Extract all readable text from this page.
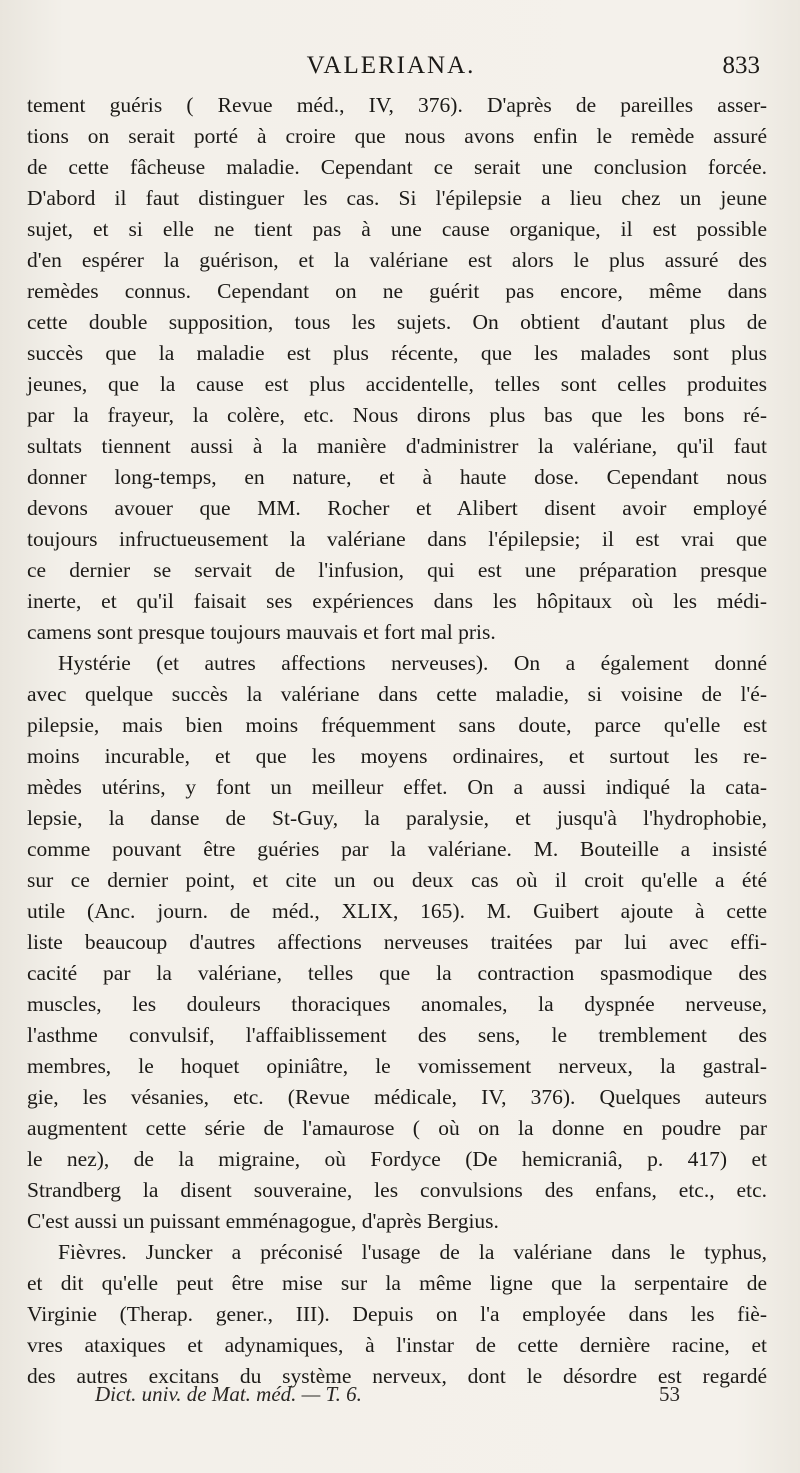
VALERIANA.	833
tement guéris ( Revue méd., IV, 376). D'après de pareilles asser-
tions on serait porté à croire que nous avons enfin le remède assuré
de cette fâcheuse maladie. Cependant ce serait une conclusion forcée.
D'abord il faut distinguer les cas. Si l'épilepsie a lieu chez un jeune
sujet, et si elle ne tient pas à une cause organique, il est possible
d'en espérer la guérison, et la valériane est alors le plus assuré des
remèdes connus. Cependant on ne guérit pas encore, même dans
cette double supposition, tous les sujets. On obtient d'autant plus de
succès que la maladie est plus récente, que les malades sont plus
jeunes, que la cause est plus accidentelle, telles sont celles produites
par la frayeur, la colère, etc. Nous dirons plus bas que les bons ré-
sultats tiennent aussi à la manière d'administrer la valériane, qu'il faut
donner long-temps, en nature, et à haute dose. Cependant nous
devons avouer que MM. Rocher et Alibert disent avoir employé
toujours infructueusement la valériane dans l'épilepsie; il est vrai que
ce dernier se servait de l'infusion, qui est une préparation presque
inerte, et qu'il faisait ses expériences dans les hôpitaux où les médi-
camens sont presque toujours mauvais et fort mal pris.
Hystérie (et autres affections nerveuses). On a également donné
avec quelque succès la valériane dans cette maladie, si voisine de l'é-
pilepsie, mais bien moins fréquemment sans doute, parce qu'elle est
moins incurable, et que les moyens ordinaires, et surtout les re-
mèdes utérins, y font un meilleur effet. On a aussi indiqué la cata-
lepsie, la danse de St-Guy, la paralysie, et jusqu'à l'hydrophobie,
comme pouvant être guéries par la valériane. M. Bouteille a insisté
sur ce dernier point, et cite un ou deux cas où il croit qu'elle a été
utile (Anc. journ. de méd., XLIX, 165). M. Guibert ajoute à cette
liste beaucoup d'autres affections nerveuses traitées par lui avec effi-
cacité par la valériane, telles que la contraction spasmodique des
muscles, les douleurs thoraciques anomales, la dyspnée nerveuse,
l'asthme convulsif, l'affaiblissement des sens, le tremblement des
membres, le hoquet opiniâtre, le vomissement nerveux, la gastral-
gie, les vésanies, etc. (Revue médicale, IV, 376). Quelques auteurs
augmentent cette série de l'amaurose ( où on la donne en poudre par
le nez), de la migraine, où Fordyce (De hemicraniâ, p. 417) et
Strandberg la disent souveraine, les convulsions des enfans, etc., etc.
C'est aussi un puissant emménagogue, d'après Bergius.
Fièvres. Juncker a préconisé l'usage de la valériane dans le typhus,
et dit qu'elle peut être mise sur la même ligne que la serpentaire de
Virginie (Therap. gener., III). Depuis on l'a employée dans les fiè-
vres ataxiques et adynamiques, à l'instar de cette dernière racine, et
des autres excitans du système nerveux, dont le désordre est regardé
Dict. univ. de Mat. méd. — T. 6.	53
